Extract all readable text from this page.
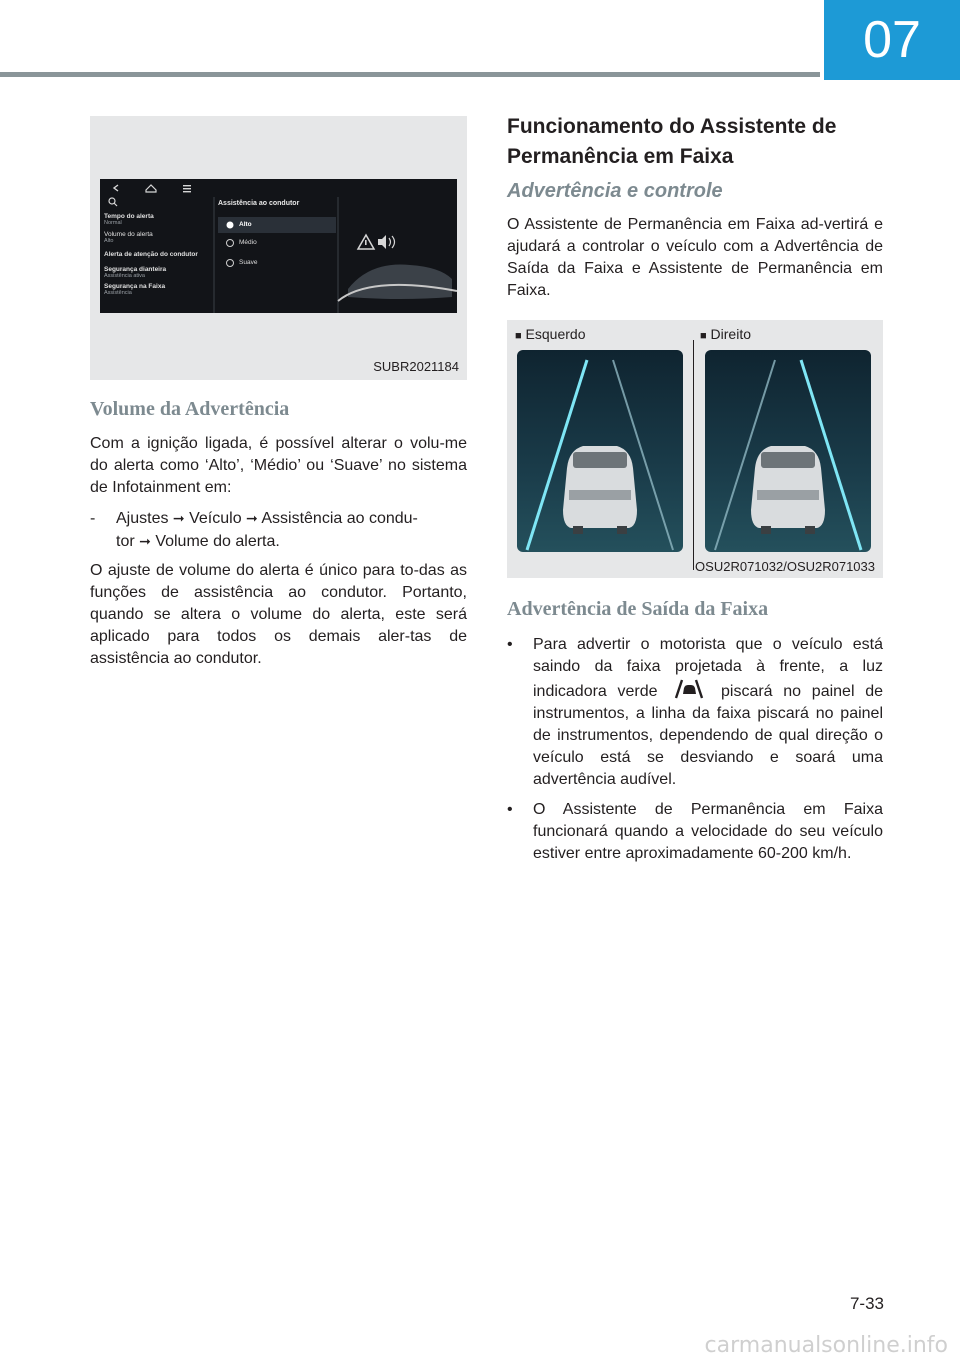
07
Assistência ao condutor
Tempo do alerta
Normal
Volume do alerta
Alto
Alerta de atenção do condutor
Segurança dianteira
Assistência ativa
Segurança na Faixa
Assistência
Alto
Médio
Suave
SUBR2021184
Volume da Advertência

Com a ignição ligada, é possível alterar o volu-me do alerta como ‘Alto’, ‘Médio’ ou ‘Suave’ no sistema de Infotainment em:

- Ajustes ➞ Veículo ➞ Assistência ao condu-
tor ➞ Volume do alerta.

O ajuste de volume do alerta é único para to-das as funções de assistência ao condutor. Portanto, quando se altera o volume do alerta, este será aplicado para todos os demais aler-tas de assistência ao condutor.

Funcionamento do Assistente de
Permanência em Faixa
Advertência e controle

O Assistente de Permanência em Faixa ad-vertirá e ajudará a controlar o veículo com a Advertência de Saída da Faixa e Assistente de Permanência em Faixa.

■ Esquerdo	■ Direito
OSU2R071032/OSU2R071033
Advertência de Saída da Faixa
• Para advertir o motorista que o veículo está saindo da faixa projetada à frente, a luz indicadora verde	piscará no painel de instrumentos, a linha da faixa piscará no painel de instrumentos, dependendo de qual direção o veículo está se desviando e soará uma advertência audível.
• O Assistente de Permanência em Faixa funcionará quando a velocidade do seu veículo estiver entre aproximadamente 60-200 km/h.
7-33
carmanualsonline.info
